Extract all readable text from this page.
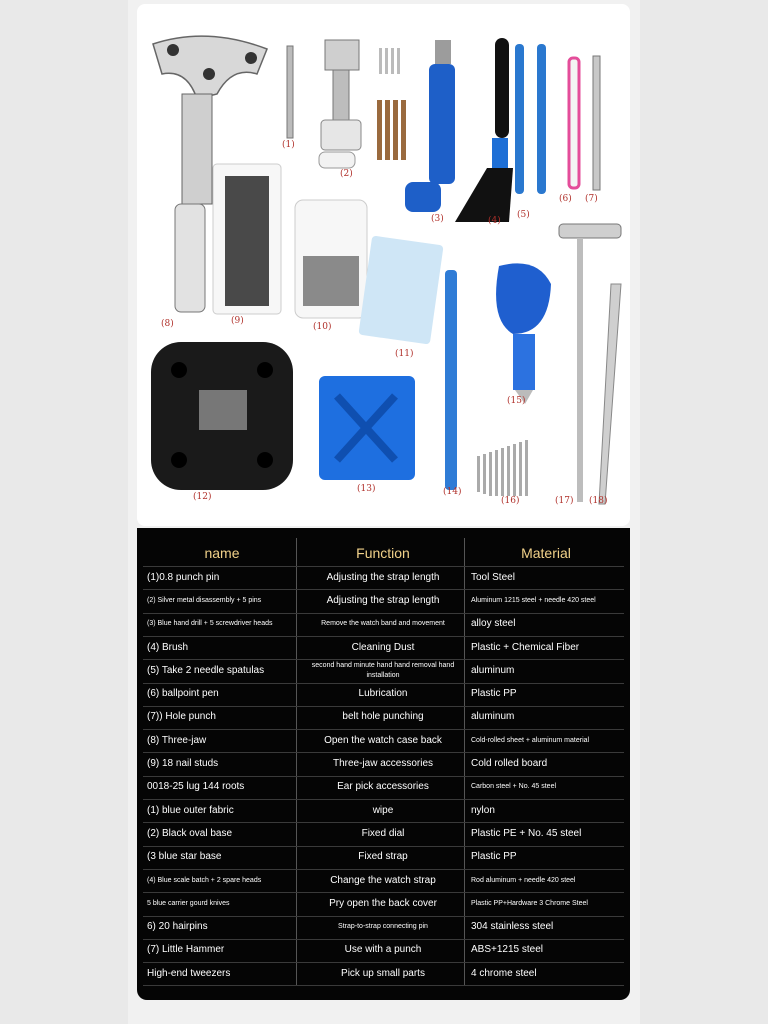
(1)
(2)
(3)	(4)
(5)
(6) (7)
(8)	(9)
(10)
(11)
(12)
(13)	(14)
(15)
(16)	(17) (18)
name	Function	Material
(1)0.8 punch pin	Adjusting the strap length	Tool Steel
(2) Silver metal disassembly + 5 pins	Adjusting the strap length	Aluminum 1215 steel + needle 420 steel
(3) Blue hand drill + 5 screwdriver heads	Remove the watch band and movement	alloy steel
(4) Brush	Cleaning Dust	Plastic + Chemical Fiber
(5) Take 2 needle spatulas	second hand minute hand hand removal hand installation	aluminum
(6) ballpoint pen	Lubrication	Plastic PP
(7)) Hole punch	belt hole punching	aluminum
(8) Three-jaw	Open the watch case back	Cold-rolled sheet + aluminum material
(9) 18 nail studs	Three-jaw accessories	Cold rolled board
0018-25 lug 144 roots	Ear pick accessories	Carbon steel + No. 45 steel
(1) blue outer fabric	wipe	nylon
(2) Black oval base	Fixed dial	Plastic PE + No. 45 steel
(3 blue star base	Fixed strap	Plastic PP
(4) Blue scale batch + 2 spare heads	Change the watch strap	Rod aluminum + needle 420 steel
5 blue carrier gourd knives	Pry open the back cover	Plastic PP+Hardware 3 Chrome Steel
6) 20 hairpins	Strap-to-strap connecting pin	304 stainless steel
(7) Little Hammer	Use with a punch	ABS+1215 steel
High-end tweezers	Pick up small parts	4 chrome steel
